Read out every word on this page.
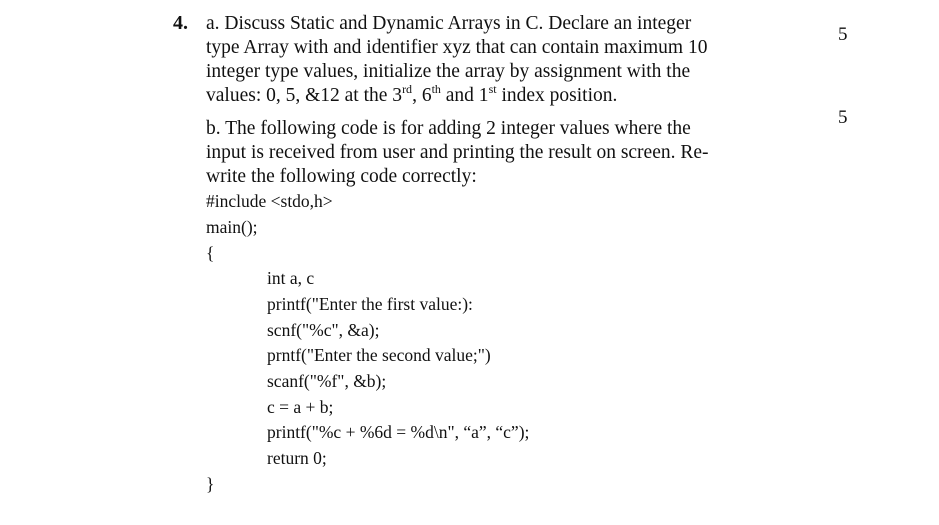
4.
5
5
a. Discuss Static and Dynamic Arrays in C. Declare an integer
type Array with and identifier xyz that can contain maximum 10
integer type values, initialize the array by assignment with the
values: 0, 5, &12 at the 3rd, 6th and 1st index position.
b. The following code is for adding 2 integer values where the
input is received from user and printing the result on screen. Re-
write the following code correctly:
#include <stdo,h>
main();
{
int a, c
printf("Enter the first value:):
scnf("%c", &a);
prntf("Enter the second value;")
scanf("%f", &b);
c = a + b;
printf("%c + %6d = %d\n", “a”, “c”);
return 0;
}
